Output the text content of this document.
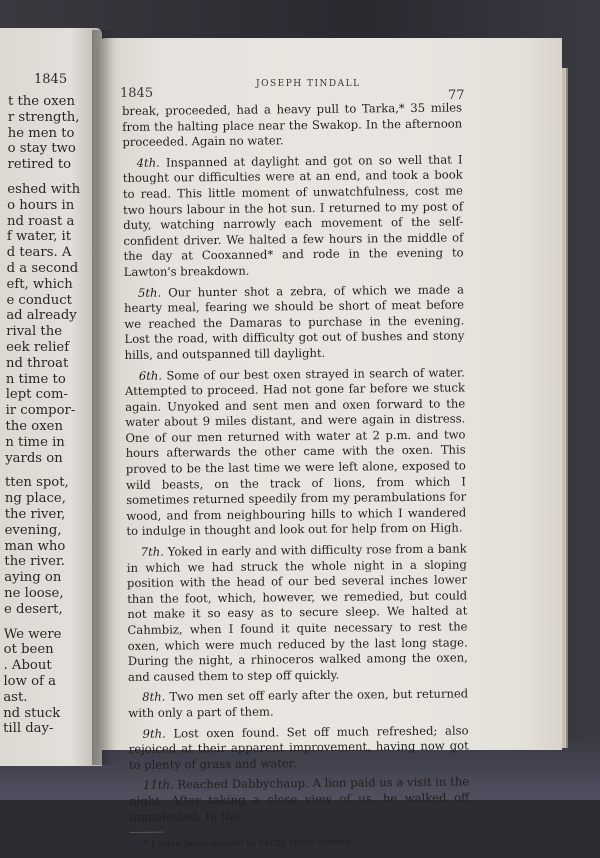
1845
t the oxen
r strength,
he men to
o stay two
retired to
eshed with
o hours in
nd roast a
f water, it
d tears. A
d a second
eft, which
e conduct
ad already
rival the
eek relief
nd throat
n time to
lept com-
ir compor-
the oxen
n time in
yards on
tten spot,
ng place,
the river,
evening,
man who
the river.
aying on
ne loose,
e desert,
We were
ot been
. About
low of a
ast.
nd stuck
till day-
1845
JOSEPH TINDALL
77

break, proceeded, had a heavy pull to Tarka,* 35 miles from the halting place near the Swakop. In the afternoon proceeded. Again no water.

4th. Inspanned at daylight and got on so well that I thought our difficulties were at an end, and took a book to read. This little moment of unwatchfulness, cost me two hours labour in the hot sun. I returned to my post of duty, watching narrowly each movement of the self-confident driver. We halted a few hours in the middle of the day at Cooxanned* and rode in the evening to Lawton's breakdown.

5th. Our hunter shot a zebra, of which we made a hearty meal, fearing we should be short of meat before we reached the Damaras to purchase in the evening. Lost the road, with difficulty got out of bushes and stony hills, and outspanned till daylight.

6th. Some of our best oxen strayed in search of water. Attempted to proceed. Had not gone far before we stuck again. Unyoked and sent men and oxen forward to the water about 9 miles distant, and were again in distress. One of our men returned with water at 2 p.m. and two hours afterwards the other came with the oxen. This proved to be the last time we were left alone, exposed to wild beasts, on the track of lions, from which I sometimes returned speedily from my perambulations for wood, and from neighbouring hills to which I wandered to indulge in thought and look out for help from on High.

7th. Yoked in early and with difficulty rose from a bank in which we had struck the whole night in a sloping position with the head of our bed several inches lower than the foot, which, however, we remedied, but could not make it so easy as to secure sleep. We halted at Cahmbiz, when I found it quite necessary to rest the oxen, which were much reduced by the last long stage. During the night, a rhinoceros walked among the oxen, and caused them to step off quickly.

8th. Two men set off early after the oxen, but returned with only a part of them.

9th. Lost oxen found. Set off much refreshed; also rejoiced at their apparent improvement, having now got to plenty of grass and water.

11th. Reached Dabbychaup. A lion paid us a visit in the night. After taking a close view of us, he walked off unmolested. In the

* I have been unable to verify these names.
